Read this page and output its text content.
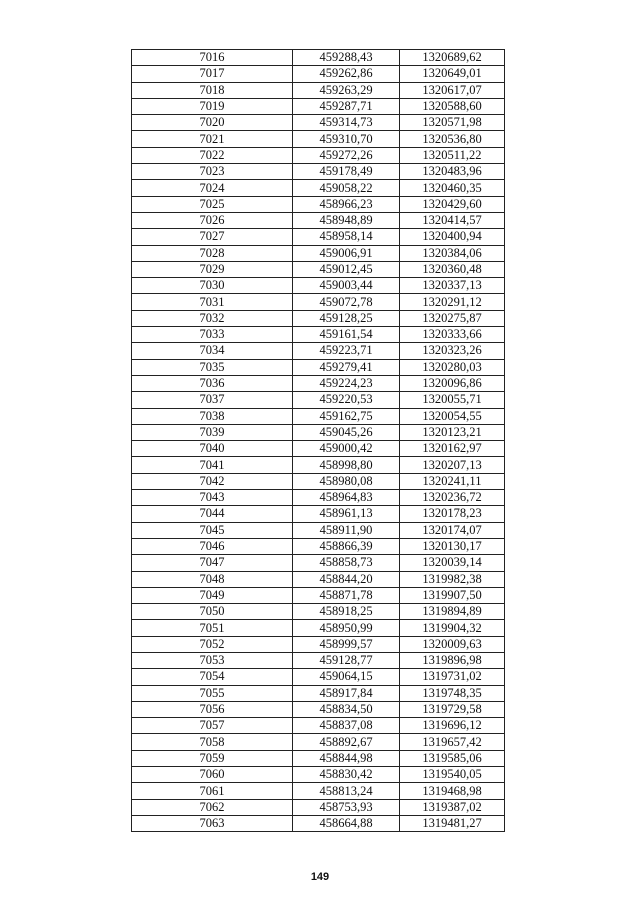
7016	459288,43	1320689,62
7017	459262,86	1320649,01
7018	459263,29	1320617,07
7019	459287,71	1320588,60
7020	459314,73	1320571,98
7021	459310,70	1320536,80
7022	459272,26	1320511,22
7023	459178,49	1320483,96
7024	459058,22	1320460,35
7025	458966,23	1320429,60
7026	458948,89	1320414,57
7027	458958,14	1320400,94
7028	459006,91	1320384,06
7029	459012,45	1320360,48
7030	459003,44	1320337,13
7031	459072,78	1320291,12
7032	459128,25	1320275,87
7033	459161,54	1320333,66
7034	459223,71	1320323,26
7035	459279,41	1320280,03
7036	459224,23	1320096,86
7037	459220,53	1320055,71
7038	459162,75	1320054,55
7039	459045,26	1320123,21
7040	459000,42	1320162,97
7041	458998,80	1320207,13
7042	458980,08	1320241,11
7043	458964,83	1320236,72
7044	458961,13	1320178,23
7045	458911,90	1320174,07
7046	458866,39	1320130,17
7047	458858,73	1320039,14
7048	458844,20	1319982,38
7049	458871,78	1319907,50
7050	458918,25	1319894,89
7051	458950,99	1319904,32
7052	458999,57	1320009,63
7053	459128,77	1319896,98
7054	459064,15	1319731,02
7055	458917,84	1319748,35
7056	458834,50	1319729,58
7057	458837,08	1319696,12
7058	458892,67	1319657,42
7059	458844,98	1319585,06
7060	458830,42	1319540,05
7061	458813,24	1319468,98
7062	458753,93	1319387,02
7063	458664,88	1319481,27
149
